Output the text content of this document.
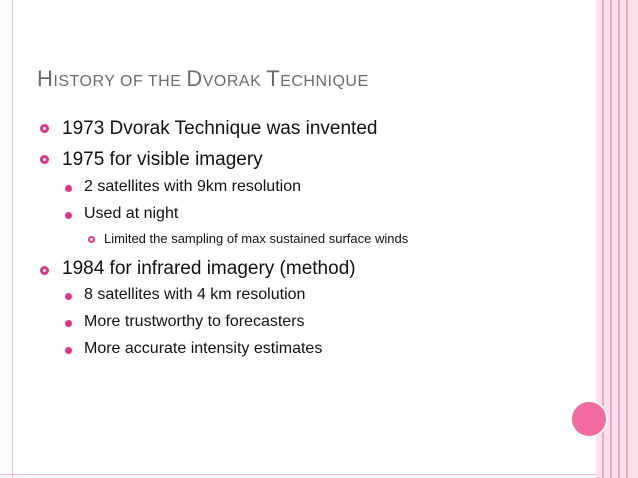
HISTORY OF THE DVORAK TECHNIQUE
1973 Dvorak Technique was invented
1975 for visible imagery
2 satellites with 9km resolution
Used at night
Limited the sampling of max sustained surface winds
1984 for infrared imagery (method)
8 satellites with 4 km resolution
More trustworthy to forecasters
More accurate intensity estimates
